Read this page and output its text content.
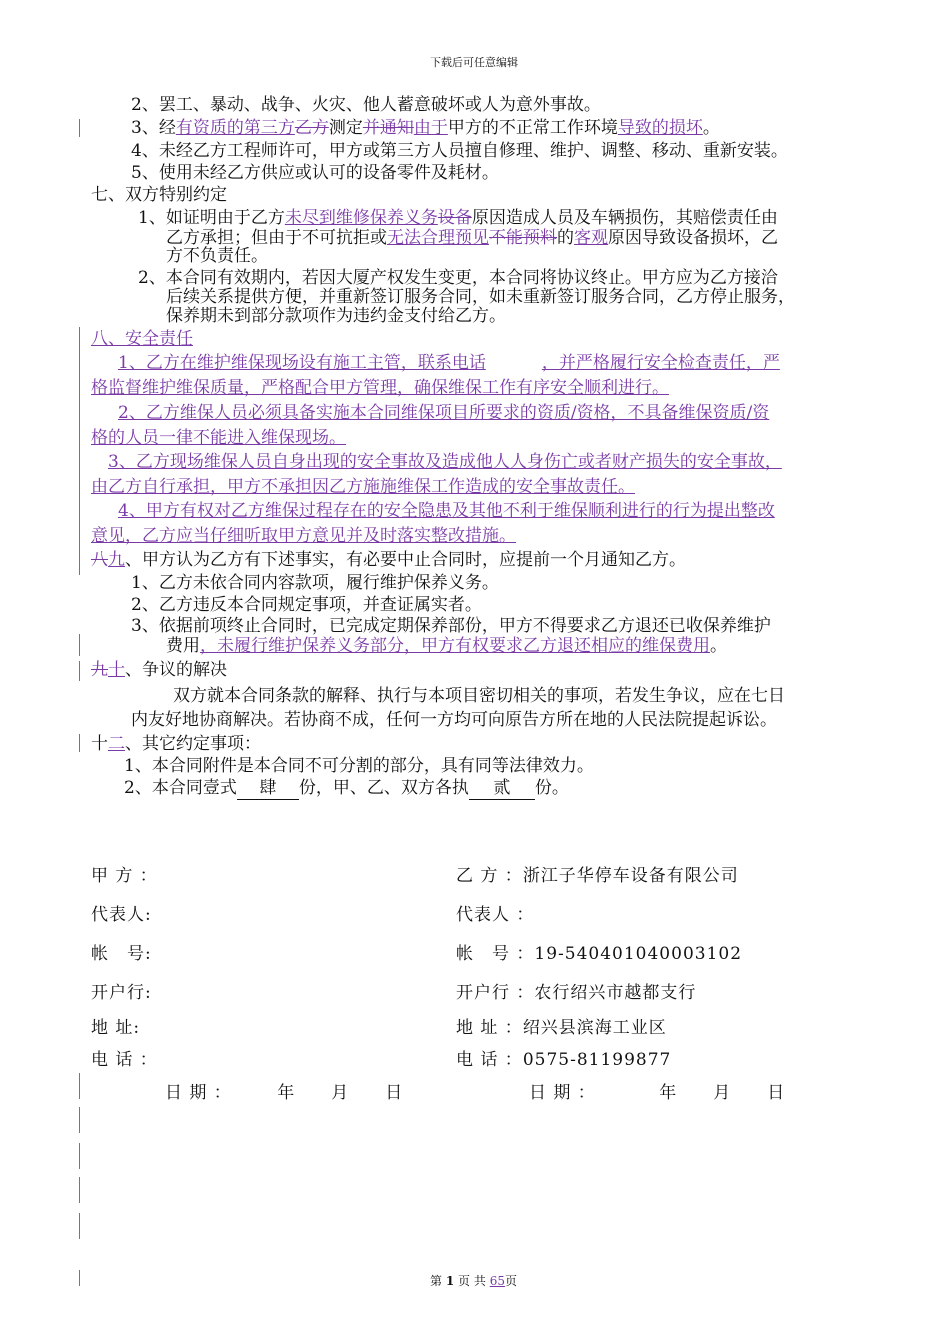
下载后可任意编辑
2、罢工、暴动、战争、火灾、他人蓄意破坏或人为意外事故。
3、经有资质的第三方乙方测定并通知由于甲方的不正常工作环境导致的损坏。
4、未经乙方工程师许可，甲方或第三方人员擅自修理、维护、调整、移动、重新安装。
5、使用未经乙方供应或认可的设备零件及耗材。
七、双方特别约定
1、如证明由于乙方未尽到维修保养义务设备原因造成人员及车辆损伤，其赔偿责任由
乙方承担；但由于不可抗拒或无法合理预见不能预料的客观原因导致设备损坏，乙
方不负责任。
2、本合同有效期内，若因大厦产权发生变更，本合同将协议终止。甲方应为乙方接洽
后续关系提供方便，并重新签订服务合同，如未重新签订服务合同，乙方停止服务，
保养期未到部分款项作为违约金支付给乙方。
八、安全责任
1、乙方在维护维保现场设有施工主管，联系电话	，并严格履行安全检查责任，严
格监督维护维保质量，严格配合甲方管理，确保维保工作有序安全顺利进行。
2、乙方维保人员必须具备实施本合同维保项目所要求的资质/资格，不具备维保资质/资
格的人员一律不能进入维保现场。
3、乙方现场维保人员自身出现的安全事故及造成他人人身伤亡或者财产损失的安全事故，
由乙方自行承担，甲方不承担因乙方施施维保工作造成的安全事故责任。
4、甲方有权对乙方维保过程存在的安全隐患及其他不利于维保顺利进行的行为提出整改
意见，乙方应当仔细听取甲方意见并及时落实整改措施。
八九、甲方认为乙方有下述事实，有必要中止合同时，应提前一个月通知乙方。
1、乙方未依合同内容款项，履行维护保养义务。
2、乙方违反本合同规定事项，并查证属实者。
3、依据前项终止合同时，已完成定期保养部份，甲方不得要求乙方退还已收保养维护
费用，未履行维护保养义务部分，甲方有权要求乙方退还相应的维保费用。
九十、争议的解决
双方就本合同条款的解释、执行与本项目密切相关的事项，若发生争议，应在七日
内友好地协商解决。若协商不成，任何一方均可向原告方所在地的人民法院提起诉讼。
十二、其它约定事项：
1、本合同附件是本合同不可分割的部分，具有同等法律效力。
2、本合同壹式 肆 份，甲、乙、双方各执 贰 份。
甲 方 ：
代表人:
帐　号:
开户行:
地 址:
电 话 ：
日 期 ：　　　年　　月　　日
乙 方 ：浙江子华停车设备有限公司
代表人 ：
帐　号 ：19-540401040003102
开户行 ：农行绍兴市越都支行
地 址 ：绍兴县滨海工业区
电 话 ：0575-81199877
日 期 ：　　　　年　　月　　日
第 1 页 共 65页
